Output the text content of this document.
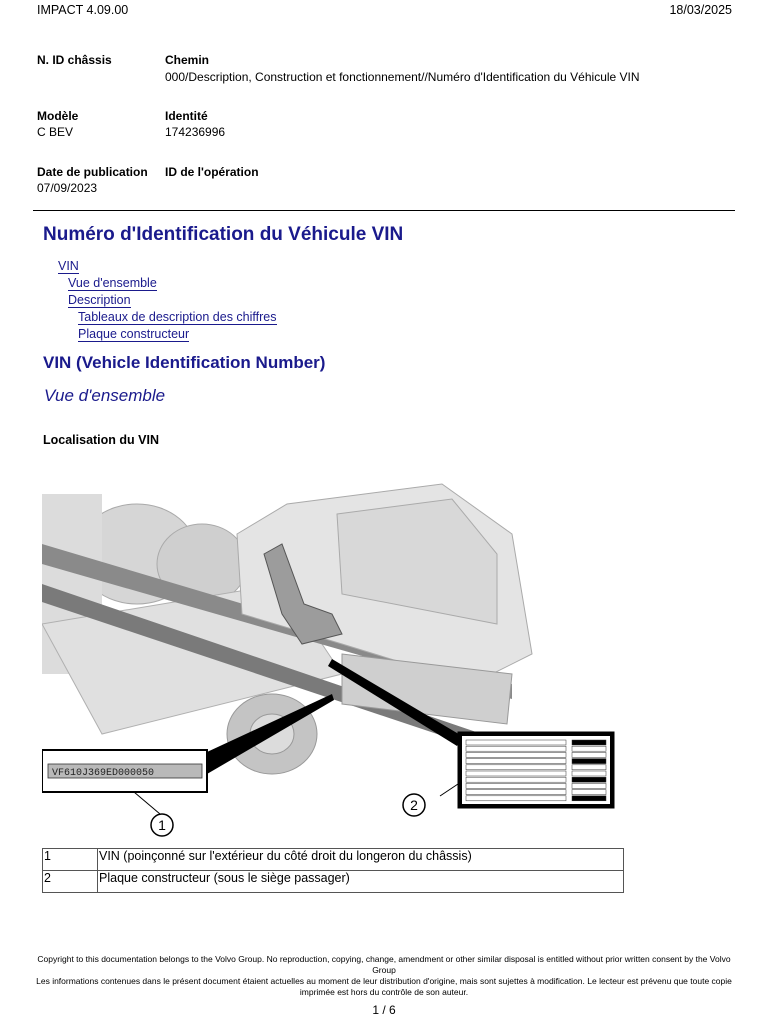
IMPACT 4.09.00	18/03/2025
N. ID châssis	Chemin
000/Description, Construction et fonctionnement//Numéro d'Identification du Véhicule VIN
Modèle
C BEV
Identité
174236996
Date de publication
07/09/2023
ID de l'opération
Numéro d'Identification du Véhicule VIN
VIN
Vue d'ensemble
Description
Tableaux de description des chiffres
Plaque constructeur
VIN (Vehicle Identification Number)
Vue d'ensemble
Localisation du VIN
VF610J369ED000050
1
2
1	VIN (poinçonné sur l'extérieur du côté droit du longeron du châssis)
2	Plaque constructeur (sous le siège passager)
Copyright to this documentation belongs to the Volvo Group. No reproduction, copying, change, amendment or other similar disposal is entitled without prior written consent by the Volvo Group
Les informations contenues dans le présent document étaient actuelles au moment de leur distribution d'origine, mais sont sujettes à modification. Le lecteur est prévenu que toute copie imprimée est hors du contrôle de son auteur.
1 / 6
